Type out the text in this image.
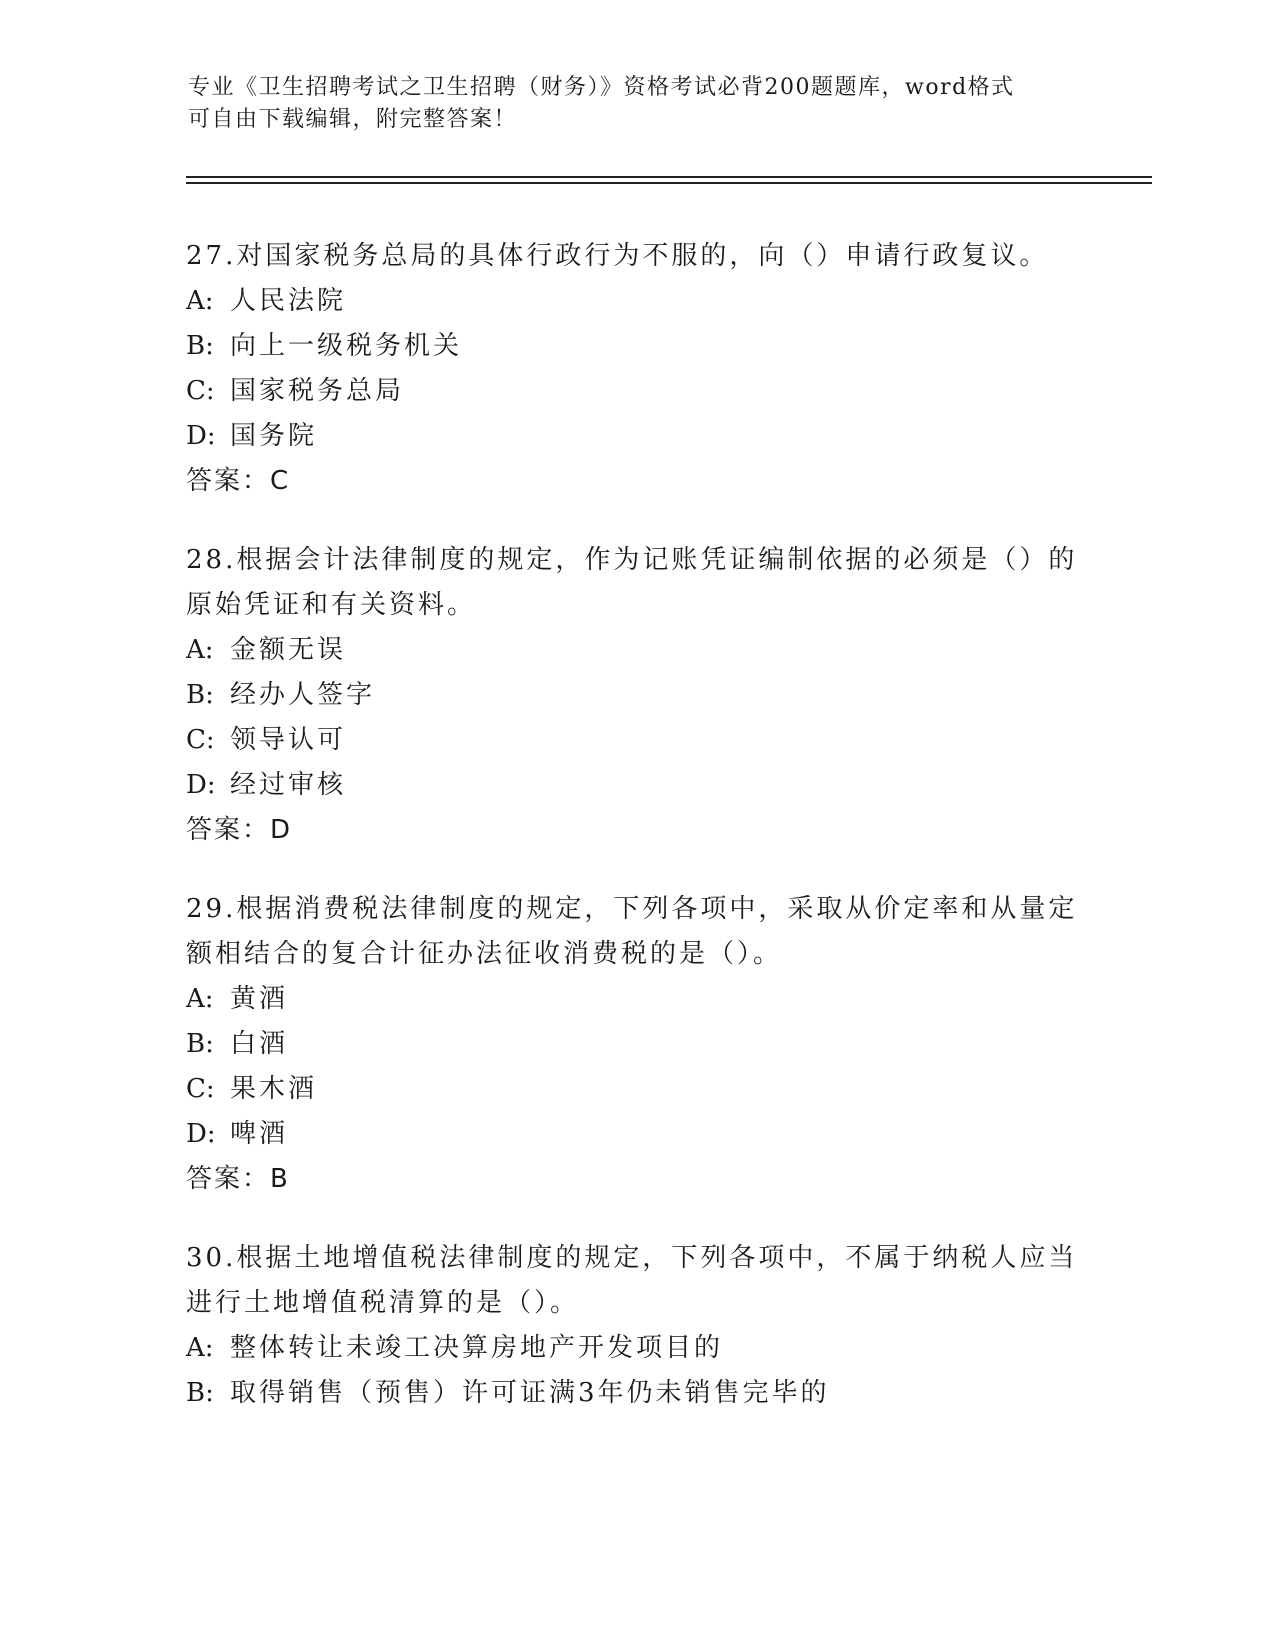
专业《卫生招聘考试之卫生招聘（财务）》资格考试必背200题题库，word格式
可自由下载编辑，附完整答案！
27.对国家税务总局的具体行政行为不服的，向（）申请行政复议。
A: 人民法院
B: 向上一级税务机关
C: 国家税务总局
D: 国务院
答案：C
28.根据会计法律制度的规定，作为记账凭证编制依据的必须是（）的原始凭证和有关资料。
A: 金额无误
B: 经办人签字
C: 领导认可
D: 经过审核
答案：D
29.根据消费税法律制度的规定，下列各项中，采取从价定率和从量定额相结合的复合计征办法征收消费税的是（）。
A: 黄酒
B: 白酒
C: 果木酒
D: 啤酒
答案：B
30.根据土地增值税法律制度的规定，下列各项中，不属于纳税人应当进行土地增值税清算的是（）。
A: 整体转让未竣工决算房地产开发项目的
B: 取得销售（预售）许可证满3年仍未销售完毕的
